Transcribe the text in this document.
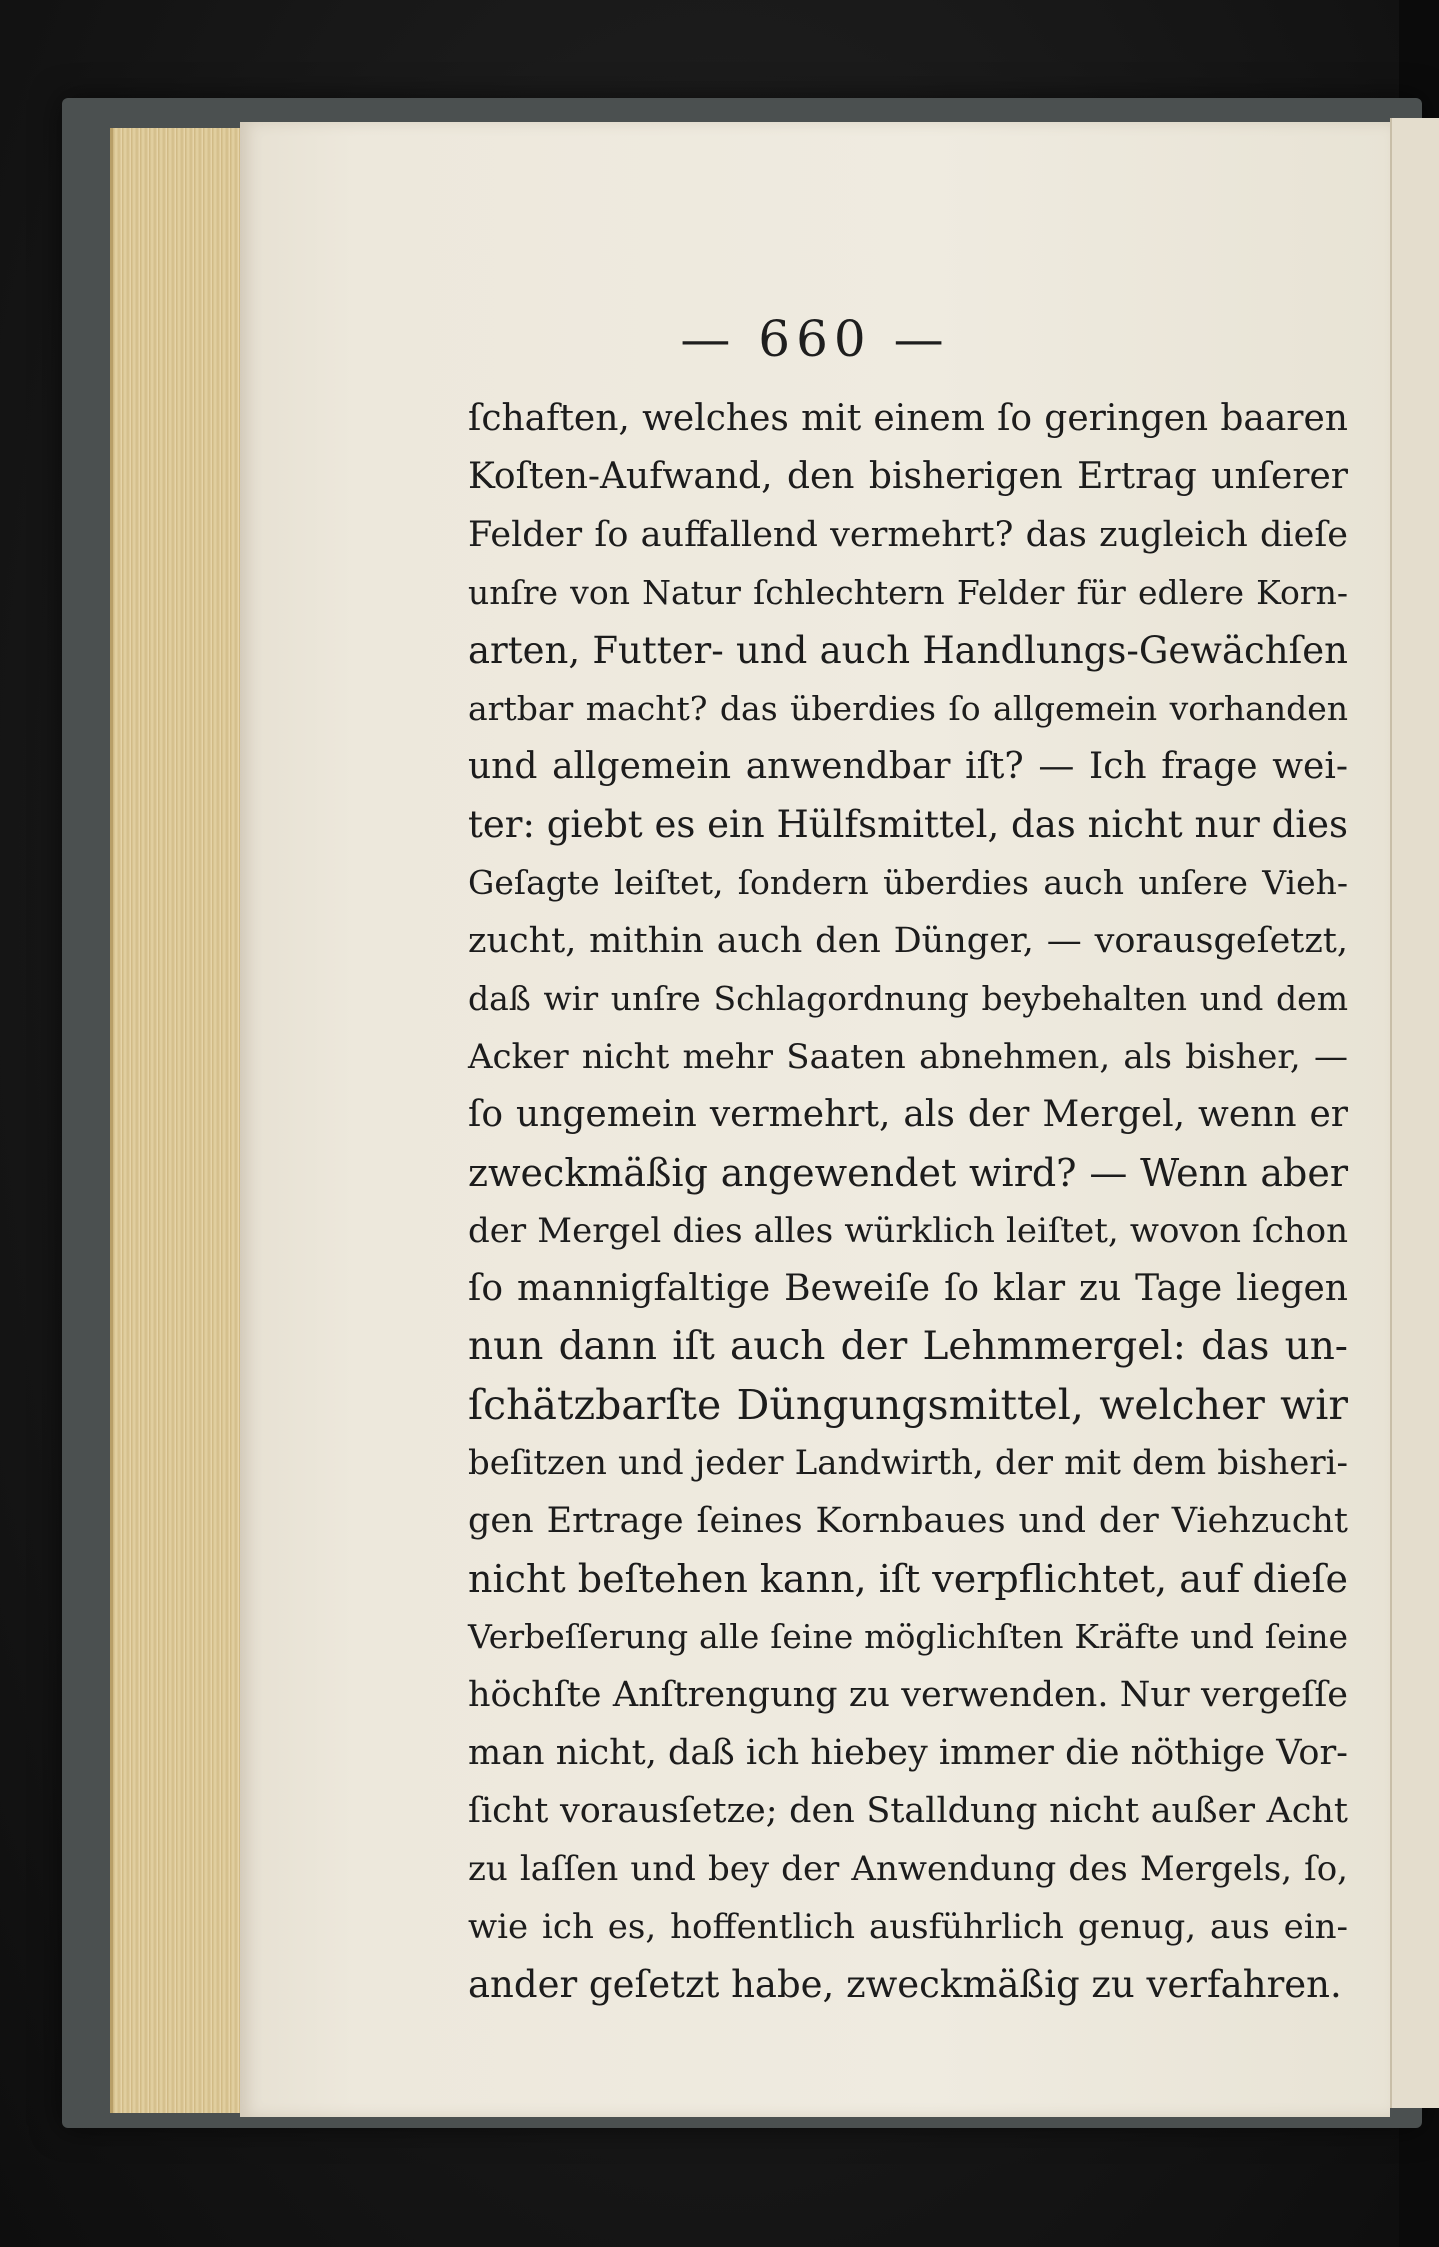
— 660 —

ſchaften, welches mit einem ſo geringen baaren
Koſten-Aufwand, den bisherigen Ertrag unſerer
Felder ſo auffallend vermehrt? das zugleich dieſe
unſre von Natur ſchlechtern Felder für edlere Korn-
arten, Futter- und auch Handlungs-Gewächſen
artbar macht? das überdies ſo allgemein vorhanden
und allgemein anwendbar iſt? — Ich frage wei-
ter: giebt es ein Hülfsmittel, das nicht nur dies
Geſagte leiſtet, ſondern überdies auch unſere Vieh-
zucht, mithin auch den Dünger, — vorausgeſetzt,
daß wir unſre Schlagordnung beybehalten und dem
Acker nicht mehr Saaten abnehmen, als bisher, —
ſo ungemein vermehrt, als der Mergel, wenn er
zweckmäßig angewendet wird? — Wenn aber
der Mergel dies alles würklich leiſtet, wovon ſchon
ſo mannigfaltige Beweiſe ſo klar zu Tage liegen
nun dann iſt auch der Lehmmergel: das un-
ſchätzbarſte Düngungsmittel, welcher wir
beſitzen und jeder Landwirth, der mit dem bisheri-
gen Ertrage ſeines Kornbaues und der Viehzucht
nicht beſtehen kann, iſt verpflichtet, auf dieſe
Verbeſſerung alle ſeine möglichſten Kräfte und ſeine
höchſte Anſtrengung zu verwenden. Nur vergeſſe
man nicht, daß ich hiebey immer die nöthige Vor-
ſicht vorausſetze; den Stalldung nicht außer Acht
zu laſſen und bey der Anwendung des Mergels, ſo,
wie ich es, hoffentlich ausführlich genug, aus ein-
ander geſetzt habe, zweckmäßig zu verfahren.
